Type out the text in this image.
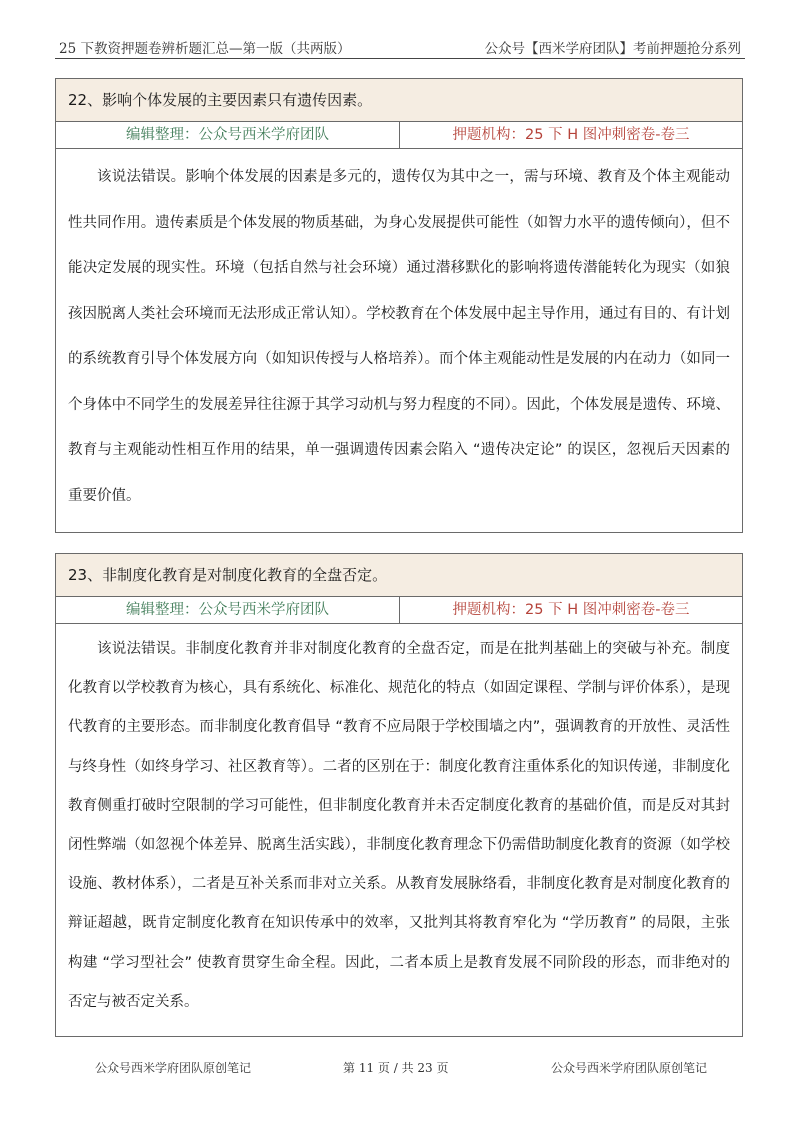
25 下教资押题卷辨析题汇总—第一版（共两版）	公众号【西米学府团队】考前押题抢分系列
22、影响个体发展的主要因素只有遗传因素。
编辑整理：公众号西米学府团队	押题机构：25 下 H 图冲刺密卷-卷三

该说法错误。影响个体发展的因素是多元的，遗传仅为其中之一，需与环境、教育及个体主观能动性共同作用。遗传素质是个体发展的物质基础，为身心发展提供可能性（如智力水平的遗传倾向），但不能决定发展的现实性。环境（包括自然与社会环境）通过潜移默化的影响将遗传潜能转化为现实（如狼孩因脱离人类社会环境而无法形成正常认知）。学校教育在个体发展中起主导作用，通过有目的、有计划的系统教育引导个体发展方向（如知识传授与人格培养）。而个体主观能动性是发展的内在动力（如同一个身体中不同学生的发展差异往往源于其学习动机与努力程度的不同）。因此，个体发展是遗传、环境、教育与主观能动性相互作用的结果，单一强调遗传因素会陷入 “遗传决定论” 的误区，忽视后天因素的重要价值。

23、非制度化教育是对制度化教育的全盘否定。
编辑整理：公众号西米学府团队	押题机构：25 下 H 图冲刺密卷-卷三

该说法错误。非制度化教育并非对制度化教育的全盘否定，而是在批判基础上的突破与补充。制度化教育以学校教育为核心，具有系统化、标准化、规范化的特点（如固定课程、学制与评价体系），是现代教育的主要形态。而非制度化教育倡导 “教育不应局限于学校围墙之内”，强调教育的开放性、灵活性与终身性（如终身学习、社区教育等）。二者的区别在于：制度化教育注重体系化的知识传递，非制度化教育侧重打破时空限制的学习可能性，但非制度化教育并未否定制度化教育的基础价值，而是反对其封闭性弊端（如忽视个体差异、脱离生活实践），非制度化教育理念下仍需借助制度化教育的资源（如学校设施、教材体系），二者是互补关系而非对立关系。从教育发展脉络看，非制度化教育是对制度化教育的辩证超越，既肯定制度化教育在知识传承中的效率，又批判其将教育窄化为 “学历教育” 的局限，主张构建 “学习型社会” 使教育贯穿生命全程。因此，二者本质上是教育发展不同阶段的形态，而非绝对的否定与被否定关系。

公众号西米学府团队原创笔记	第 11 页 / 共 23 页	公众号西米学府团队原创笔记
